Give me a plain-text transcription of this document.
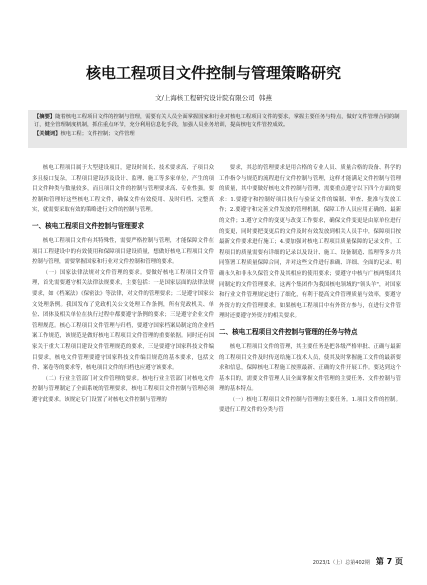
核电工程项目文件控制与管理策略研究
文/上海核工程研究设计院有限公司 韩燕
【摘要】随着核电工程项目文件的控制与管理，需要有关人员全面掌握国家和行业对核电工程项目文件的要求，掌握主要任务与特点，做好文件管理合同的制订，健全管理制度机制，抓住重点环节，充分利用信息化手段，加强人员业务培训，提高核电文件管控成效。
【关键词】核电工程；文件控制；文件管理

核电工程项目属于大型建设项目，建设时间长、技术要求高、子项目众多且接口复杂，工程项目建设涉及设计、监理、施工等多家单位，产生的项目文件种类与数量较多，而且项目文件的控制与管理要求高、专业性强。要控制和管理好这些核电工程文件，确保文件有效使用、及时归档、完整真实，就需要采取有效的策略进行文件的控制与管理。

一、核电工程项目文件控制与管理要求

核电工程项目文件有其特殊性，需要严格控制与管理，才能保障文件在项目工程建设中的有效使用和保障项目建设质量，想做好核电工程项目文件控制与管理，需要掌握国家和行业对文件控制和管理的要求。

（一）国家法律法规对文件管理的要求。要做好核电工程项目文件管理，首先需要遵守相关法律法规要求，主要包括：一是国家层面的法律法规要求，如《档案法》《保密法》等法律，对文件的管理要求；二是遵守国家公文处理条例。我国发布了党政机关公文处理工作条例，所有党政机关、单位、团体及相关单位在执行过程中都要遵守条例的要求；三是遵守企业文件管理规范。核心工程项目文件管理与归档，要遵守国家档案局制定的企业档案工作规范，该规范是做好核电工程项目文件管理的重要依据。同时还有国家关于重大工程项目建设文件管理规范的要求，三是要遵守国家科技文件编目要求，核电文件管理要遵守国家科技文件编目规范的基本要求，包括文件、案卷等的要求等，核电项目文件的归档也应遵守该要求。

（二）行业主管部门对文件管理的要求。核电行业主管部门对核电文件控制与管理制定了全面系统的管理要求，核电工程项目文件控制与管理必须遵守此要求。该规定专门设置了对核电文件控制与管理的

要求，其总的管理要求是用合格的专业人员、质量合格的设备、科学的工作指令与规范的流程进行文件控制与管理，这样才能满足文件控制与管理的质量，其中要做好核电文件控制与管理，需要重点遵守以下四个方面的要求：1.要遵守和控制好项目执行与验证文件的编制、审查、批准与发放工作；2.要遵守和完善文件发放的管理机制，保障工作人员应用正确的、最新的文件；3.遵守文件的变更与改变工作要求，确保文件变更是由原单位进行的变更，同时要把变更后的文件及时有效发放到相关人员手中，保障项目按最新文件要求进行施工；4.要加强对核电工程项目质量保障的记录文件，工程项目的质量需要有详细的记录以及设计、施工、设备制造、监理等多方共同签署工程质量保障合同，并对这些文件进行准确、详细、全面的记录、明确永久和非永久保管文件及其相应的使用要求；要遵守中核与广核两集团共同制定的文件管理要求。这两个集团作为我国核电领域的"领头羊"，对国家和行业文件管理规定进行了细化，有利于提高文件管理质量与效率，要遵守外资方的文件管理要求。如果核电工程项目中有外资方参与，在进行文件管理时还要遵守外资方的相关要求。

二、核电工程项目文件控制与管理的任务与特点

核电工程项目文件的管理，其主要任务是把各级严格审批、正确与最新的工程项目文件及时传送给施工技术人员，使其及时掌握施工文件的最新要求和信息，保障核电工程施工按照最新、正确的文件开展工作。要达到这个基本目的，需要文件管理人员全面掌握文件管理的主要任务、文件控制与管理的基本特点。

（一）核电工程项目文件控制与管理的主要任务。1.项目文件的控制。要进行工程文件的分类与管

2023/1（上）总第402期 第 7 页
